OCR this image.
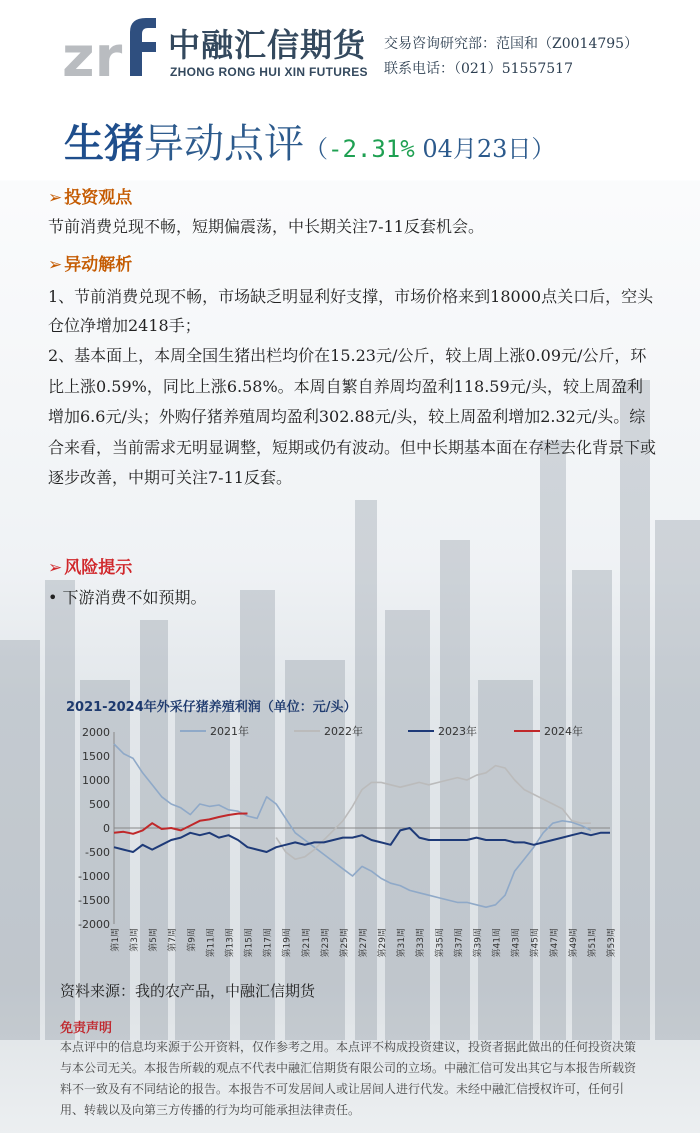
zr 中融汇信期货
ZHONG RONG HUI XIN FUTURES
交易咨询研究部：范国和（Z0014795）
联系电话：（021）51557517
生猪异动点评（-2.31% 04月23日）
➢ 投资观点
节前消费兑现不畅，短期偏震荡，中长期关注7-11反套机会。
➢ 异动解析
1、节前消费兑现不畅，市场缺乏明显利好支撑，市场价格来到18000点关口后，空头仓位净增加2418手；
2、基本面上，本周全国生猪出栏均价在15.23元/公斤，较上周上涨0.09元/公斤，环比上涨0.59%，同比上涨6.58%。本周自繁自养周均盈利118.59元/头，较上周盈利增加6.6元/头；外购仔猪养殖周均盈利302.88元/头，较上周盈利增加2.32元/头。综合来看，当前需求无明显调整，短期或仍有波动。但中长期基本面在存栏去化背景下或逐步改善，中期可关注7-11反套。
➢ 风险提示
• 下游消费不如预期。
2021-2024年外采仔猪养殖利润（单位：元/头）
2000
1500
1000
500
0
-500
-1000
-1500
-2000
第1周 第3周 第5周 第7周 第9周 第11周 第13周 第15周 第17周 第19周 第21周 第23周 第25周 第27周 第29周 第31周 第33周 第35周 第37周 第39周 第41周 第43周 第45周 第47周 第49周 第51周 第53周
2021年	2022年	2023年	2024年
资料来源：我的农产品，中融汇信期货
免责声明
本点评中的信息均来源于公开资料，仅作参考之用。本点评不构成投资建议，投资者据此做出的任何投资决策与本公司无关。本报告所载的观点不代表中融汇信期货有限公司的立场。中融汇信可发出其它与本报告所载资料不一致及有不同结论的报告。本报告不可发居间人或让居间人进行代发。未经中融汇信授权许可，任何引用、转载以及向第三方传播的行为均可能承担法律责任。
